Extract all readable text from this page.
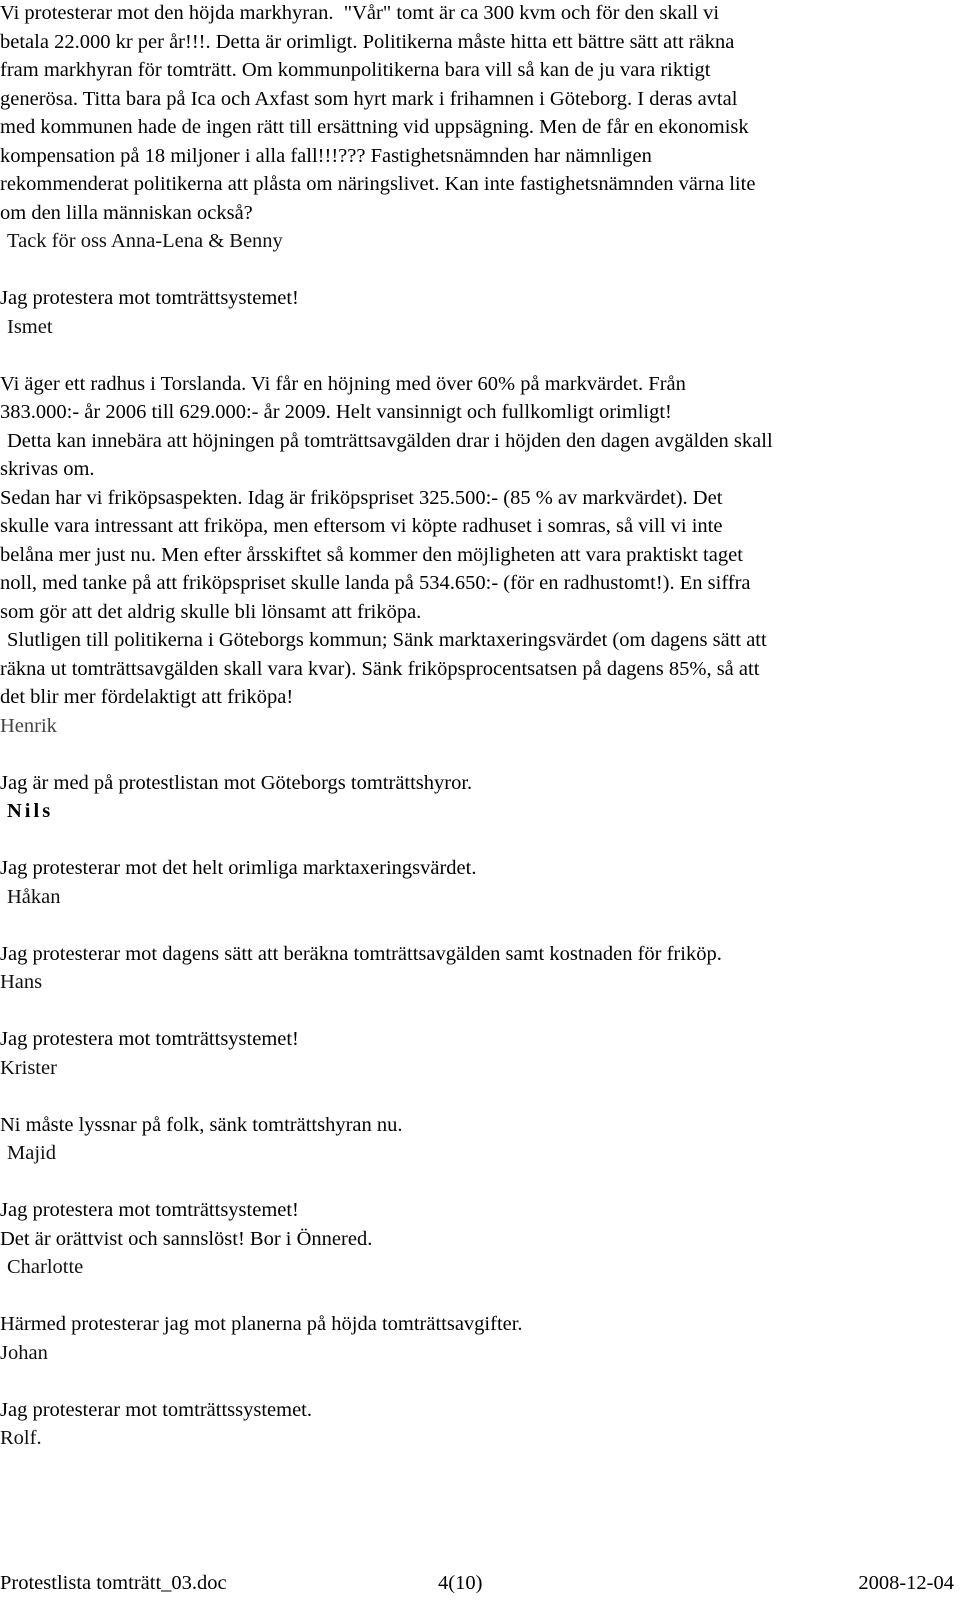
Vi protesterar mot den höjda markhyran.  "Vår" tomt är ca 300 kvm och för den skall vi
betala 22.000 kr per år!!!. Detta är orimligt. Politikerna måste hitta ett bättre sätt att räkna
fram markhyran för tomträtt. Om kommunpolitikerna bara vill så kan de ju vara riktigt
generösa. Titta bara på Ica och Axfast som hyrt mark i frihamnen i Göteborg. I deras avtal
med kommunen hade de ingen rätt till ersättning vid uppsägning. Men de får en ekonomisk
kompensation på 18 miljoner i alla fall!!!??? Fastighetsnämnden har nämnligen
rekommenderat politikerna att plåsta om näringslivet. Kan inte fastighetsnämnden värna lite
om den lilla människan också?
Tack för oss Anna-Lena & Benny
Jag protestera mot tomträttsystemet!
Ismet
Vi äger ett radhus i Torslanda. Vi får en höjning med över 60% på markvärdet. Från
383.000:- år 2006 till 629.000:- år 2009. Helt vansinnigt och fullkomligt orimligt!
Detta kan innebära att höjningen på tomträttsavgälden drar i höjden den dagen avgälden skall
skrivas om.
Sedan har vi friköpsaspekten. Idag är friköpspriset 325.500:- (85 % av markvärdet). Det
skulle vara intressant att friköpa, men eftersom vi köpte radhuset i somras, så vill vi inte
belåna mer just nu. Men efter årsskiftet så kommer den möjligheten att vara praktiskt taget
noll, med tanke på att friköpspriset skulle landa på 534.650:- (för en radhustomt!). En siffra
som gör att det aldrig skulle bli lönsamt att friköpa.
Slutligen till politikerna i Göteborgs kommun; Sänk marktaxeringsvärdet (om dagens sätt att
räkna ut tomträttsavgälden skall vara kvar). Sänk friköpsprocentsatsen på dagens 85%, så att
det blir mer fördelaktigt att friköpa!
Henrik
Jag är med på protestlistan mot Göteborgs tomträttshyror.
Nils
Jag protesterar mot det helt orimliga marktaxeringsvärdet.
Håkan
Jag protesterar mot dagens sätt att beräkna tomträttsavgälden samt kostnaden för friköp.
Hans
Jag protestera mot tomträttsystemet!
Krister
Ni måste lyssnar på folk, sänk tomträttshyran nu.
Majid
Jag protestera mot tomträttsystemet!
Det är orättvist och sannslöst! Bor i Önnered.
Charlotte
Härmed protesterar jag mot planerna på höjda tomträttsavgifter.
Johan
Jag protesterar mot tomträttssystemet.
Rolf.
Protestlista tomträtt_03.doc	4(10)	2008-12-04
